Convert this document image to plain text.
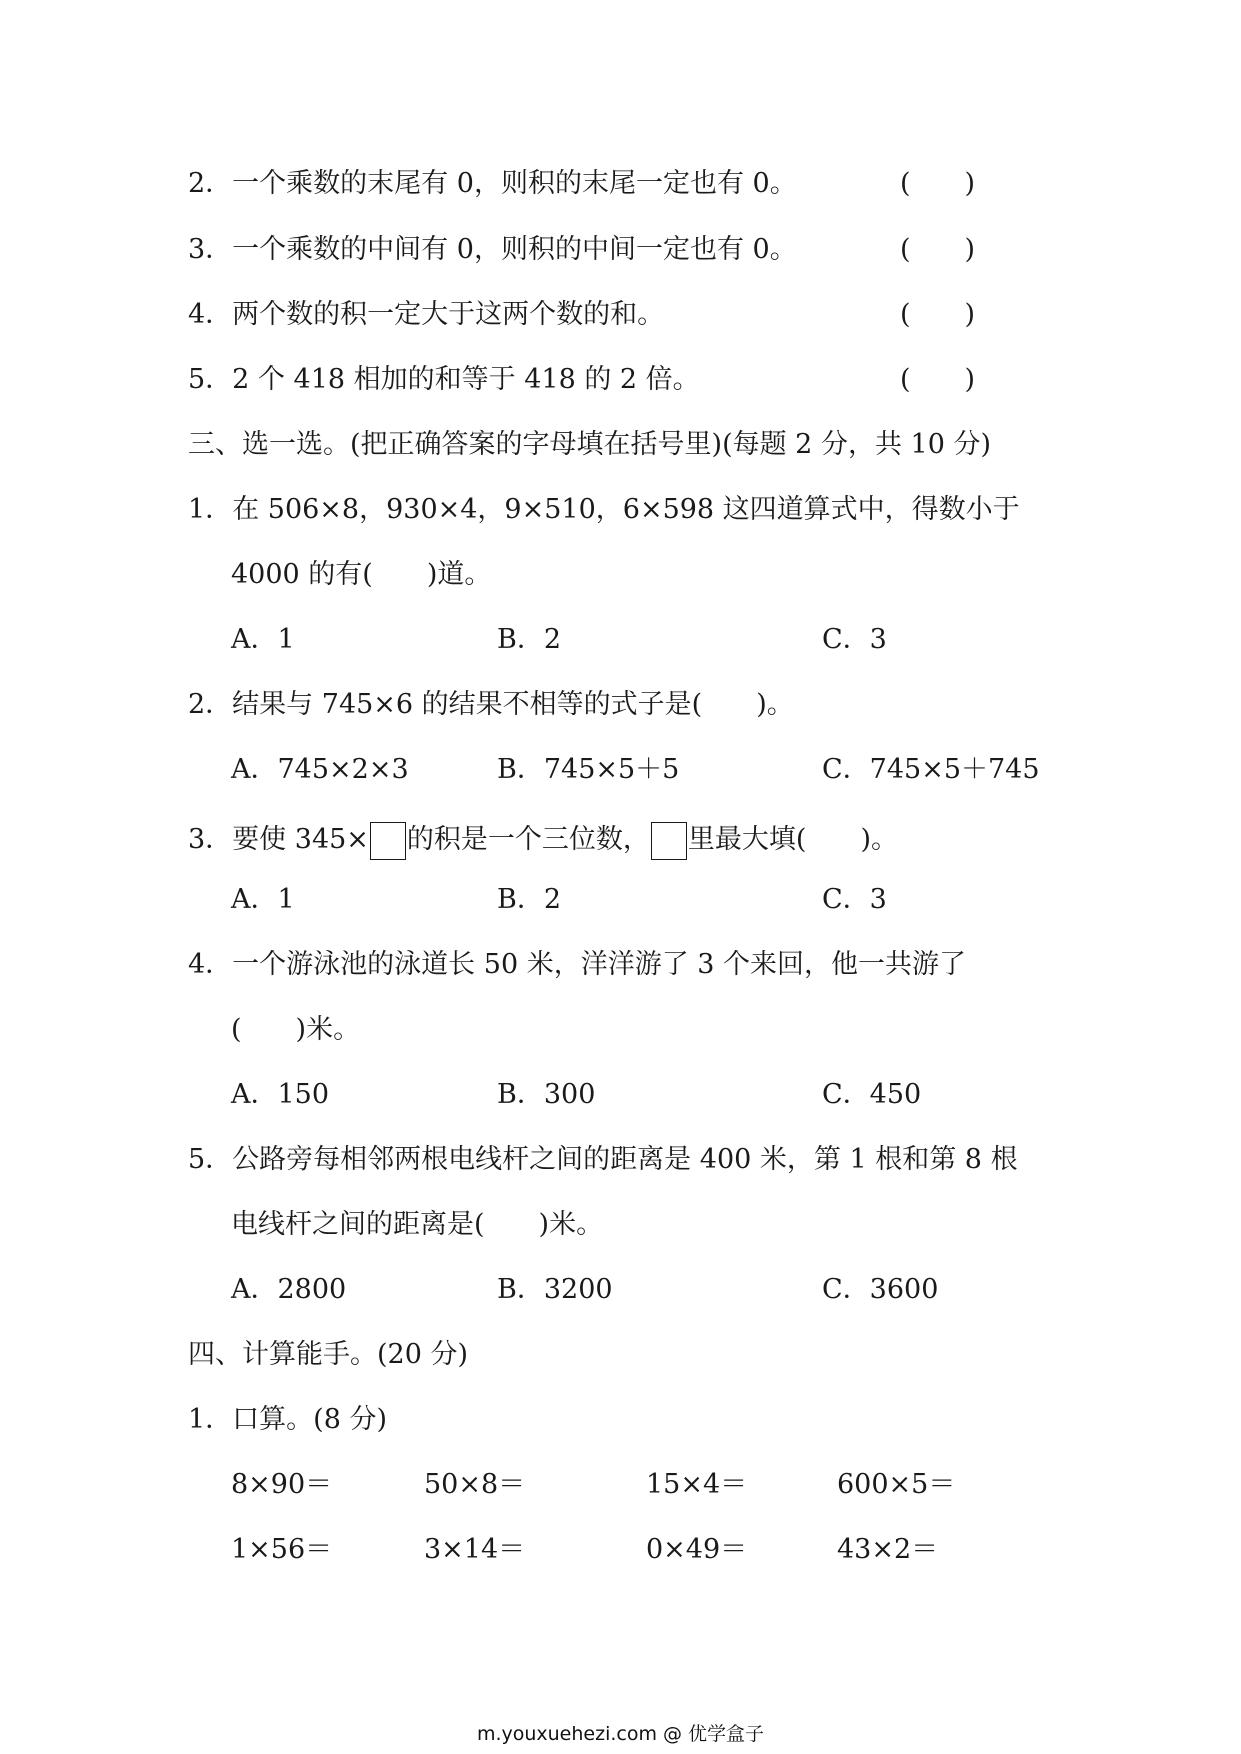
2．一个乘数的末尾有 0，则积的末尾一定也有 0。	(　　)
3．一个乘数的中间有 0，则积的中间一定也有 0。	(　　)
4．两个数的积一定大于这两个数的和。	(　　)
5．2 个 418 相加的和等于 418 的 2 倍。	(　　)
三、选一选。(把正确答案的字母填在括号里)(每题 2 分，共 10 分)
1．在 506×8，930×4，9×510，6×598 这四道算式中，得数小于
4000 的有(　　)道。
A．1	B．2	C．3
2．结果与 745×6 的结果不相等的式子是(　　)。
A．745×2×3	B．745×5＋5	C．745×5＋745
3．要使 345× 的积是一个三位数， 里最大填(　　)。
A．1	B．2	C．3
4．一个游泳池的泳道长 50 米，洋洋游了 3 个来回，他一共游了
(　　)米。
A．150	B．300	C．450
5．公路旁每相邻两根电线杆之间的距离是 400 米，第 1 根和第 8 根
电线杆之间的距离是(　　)米。
A．2800	B．3200	C．3600
四、计算能手。(20 分)
1．口算。(8 分)
8×90＝	50×8＝	15×4＝	600×5＝
1×56＝	3×14＝	0×49＝	43×2＝
m.youxuehezi.com @ 优学盒子
